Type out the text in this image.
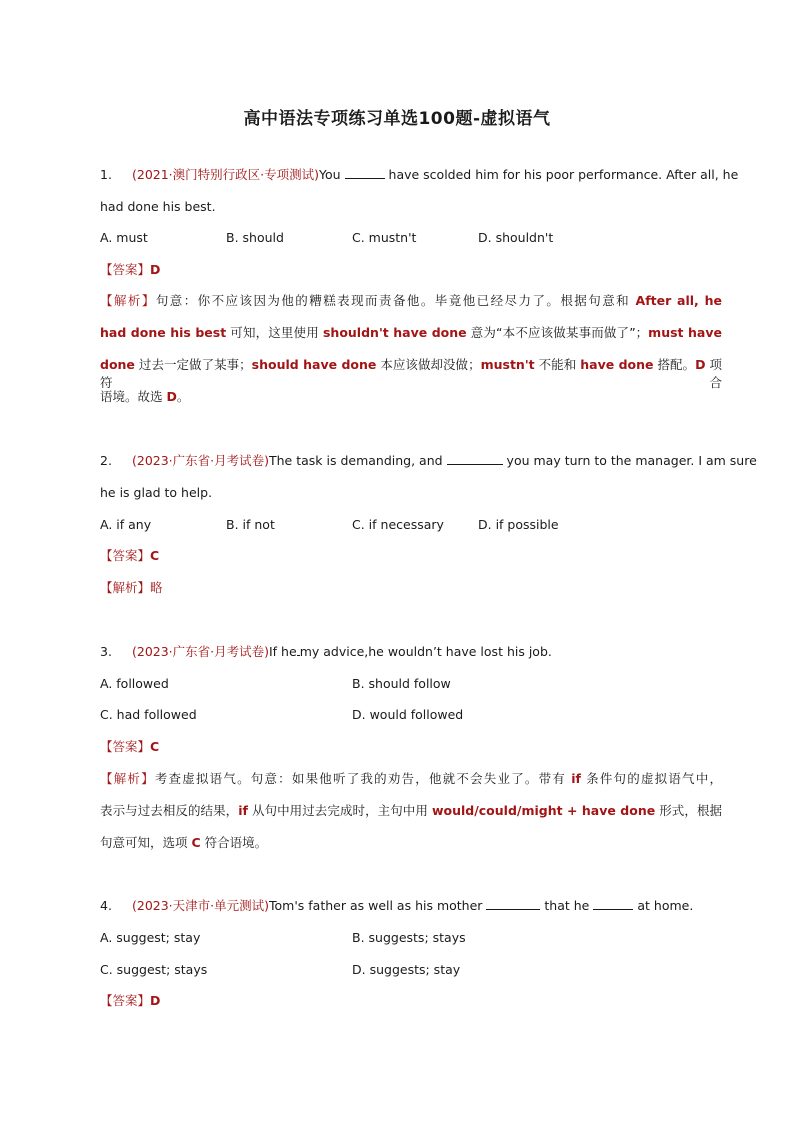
高中语法专项练习单选100题-虚拟语气
1. (2021·澳门特别行政区·专项测试)You	have scolded him for his poor performance. After all, he
had done his best.
A. must	B. should	C. mustn't	D. shouldn't
【答案】D
【解析】句意：你不应该因为他的糟糕表现而责备他。毕竟他已经尽力了。根据句意和 After all, he
had done his best 可知，这里使用 shouldn't have done 意为“本不应该做某事而做了”；must have
done 过去一定做了某事；should have done 本应该做却没做；mustn't 不能和 have done 搭配。D 项符合
语境。故选 D。
2. (2023·广东省·月考试卷)The task is demanding, and	you may turn to the manager. I am sure
he is glad to help.
A. if any	B. if not	C. if necessary	D. if possible
【答案】C
【解析】略
3. (2023·广东省·月考试卷)If he my advice,he wouldn’t have lost his job.
A. followed	B. should follow
C. had followed	D. would followed
【答案】C
【解析】考查虚拟语气。句意：如果他听了我的劝告，他就不会失业了。带有 if 条件句的虚拟语气中，
表示与过去相反的结果，if 从句中用过去完成时，主句中用 would/could/might + have done 形式，根据
句意可知，选项 C 符合语境。
4. (2023·天津市·单元测试)Tom's father as well as his mother	that he	at home.
A. suggest; stay	B. suggests; stays
C. suggest; stays	D. suggests; stay
【答案】D
